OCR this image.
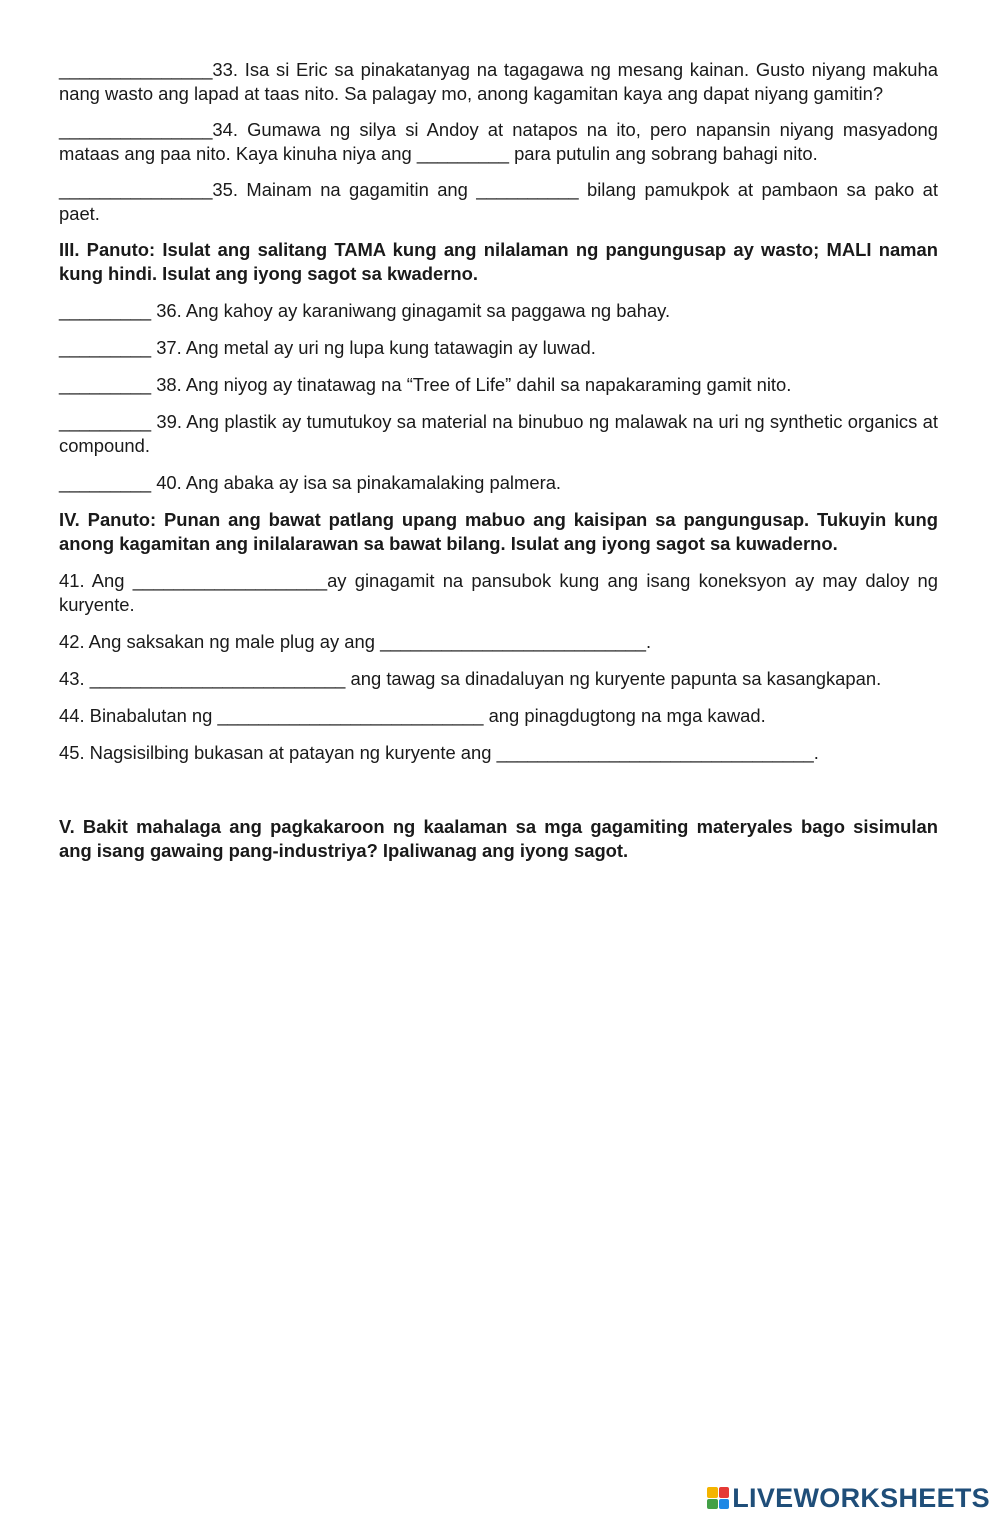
_______________33. Isa si Eric sa pinakatanyag na tagagawa ng mesang kainan. Gusto niyang makuha nang wasto ang lapad at taas nito. Sa palagay mo, anong kagamitan kaya ang dapat niyang gamitin?

_______________34. Gumawa ng silya si Andoy at natapos na ito, pero napansin niyang masyadong mataas ang paa nito. Kaya kinuha niya ang _________ para putulin ang sobrang bahagi nito.

_______________35. Mainam na gagamitin ang __________ bilang pamukpok at pambaon sa pako at paet.

III. Panuto: Isulat ang salitang TAMA kung ang nilalaman ng pangungusap ay wasto; MALI naman kung hindi. Isulat ang iyong sagot sa kwaderno.

_________ 36. Ang kahoy ay karaniwang ginagamit sa paggawa ng bahay.

_________ 37. Ang metal ay uri ng lupa kung tatawagin ay luwad.

_________ 38. Ang niyog ay tinatawag na “Tree of Life” dahil sa napakaraming gamit nito.

_________ 39. Ang plastik ay tumutukoy sa material na binubuo ng malawak na uri ng synthetic organics at compound.

_________ 40. Ang abaka ay isa sa pinakamalaking palmera.

IV. Panuto: Punan ang bawat patlang upang mabuo ang kaisipan sa pangungusap. Tukuyin kung anong kagamitan ang inilalarawan sa bawat bilang. Isulat ang iyong sagot sa kuwaderno.

41. Ang ___________________ay ginagamit na pansubok kung ang isang koneksyon ay may daloy ng kuryente.

42. Ang saksakan ng male plug ay ang __________________________.

43. _________________________ ang tawag sa dinadaluyan ng kuryente papunta sa kasangkapan.

44. Binabalutan ng __________________________ ang pinagdugtong na mga kawad.

45. Nagsisilbing bukasan at patayan ng kuryente ang _______________________________.

V. Bakit mahalaga ang pagkakaroon ng kaalaman sa mga gagamiting materyales bago sisimulan ang isang gawaing pang-industriya? Ipaliwanag ang iyong sagot.

LIVEWORKSHEETS
